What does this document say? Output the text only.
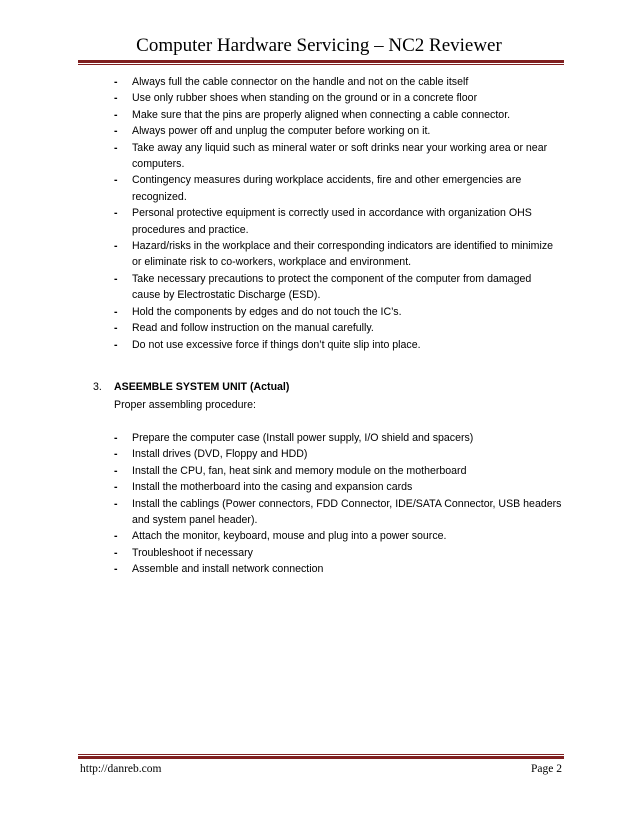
Computer Hardware Servicing – NC2 Reviewer
- Always full the cable connector on the handle and not on the cable itself
- Use only rubber shoes when standing on the ground or in a concrete floor
- Make sure that the pins are properly aligned when connecting a cable connector.
- Always power off and unplug the computer before working on it.
- Take away any liquid such as mineral water or soft drinks near your working area or near computers.
- Contingency measures during workplace accidents, fire and other emergencies are recognized.
- Personal protective equipment is correctly used in accordance with organization OHS procedures and practice.
- Hazard/risks in the workplace and their corresponding indicators are identified to minimize or eliminate risk to co-workers, workplace and environment.
- Take necessary precautions to protect the component of the computer from damaged cause by Electrostatic Discharge (ESD).
- Hold the components by edges and do not touch the IC’s.
- Read and follow instruction on the manual carefully.
- Do not use excessive force if things don’t quite slip into place.
3. ASEEMBLE SYSTEM UNIT (Actual)
Proper assembling procedure:
- Prepare the computer case (Install power supply, I/O shield and spacers)
- Install drives (DVD, Floppy and HDD)
- Install the CPU, fan, heat sink and memory module on the motherboard
- Install the motherboard into the casing and expansion cards
- Install the cablings (Power connectors, FDD Connector, IDE/SATA Connector, USB headers and system panel header).
- Attach the monitor, keyboard, mouse and plug into a power source.
- Troubleshoot if necessary
- Assemble and install network connection
http://danreb.com	Page 2
